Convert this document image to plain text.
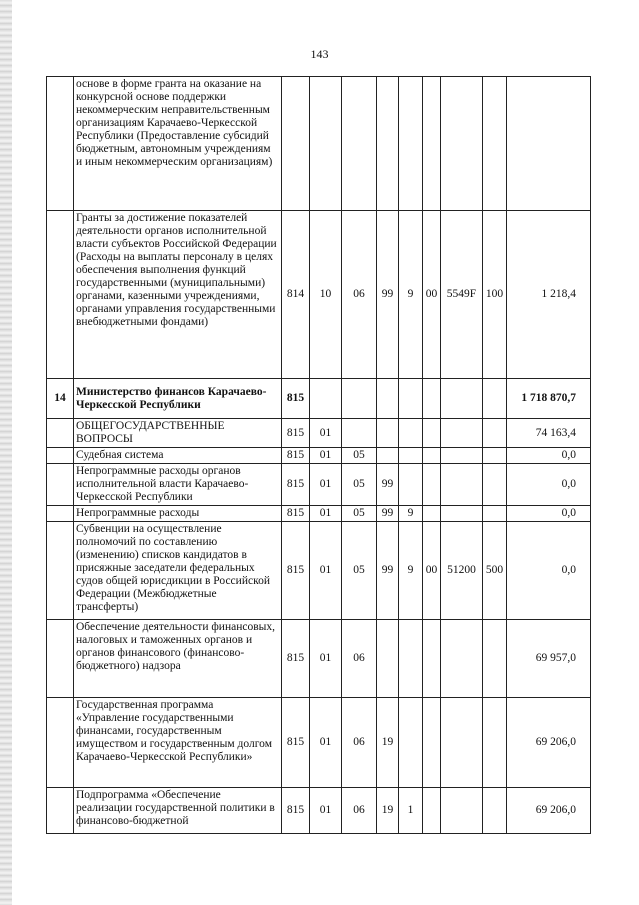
143
	основе в форме гранта на оказание на конкурсной основе поддержки некоммерческим неправительственным организациям Карачаево-Черкесской Республики (Предоставление субсидий бюджетным, автономным учреждениям и иным некоммерческим организациям)									
	Гранты за достижение показателей деятельности органов исполнительной власти субъектов Российской Федерации (Расходы на выплаты персоналу в целях обеспечения выполнения функций государственными (муниципальными) органами, казенными учреждениями, органами управления государственными внебюджетными фондами)	814	10	06	99	9	00	5549F	100	1 218,4
14	Министерство финансов Карачаево-Черкесской Республики	815								1 718 870,7
	ОБЩЕГОСУДАРСТВЕННЫЕ ВОПРОСЫ	815	01							74 163,4
	Судебная система	815	01	05						0,0
	Непрограммные расходы органов исполнительной власти Карачаево-Черкесской Республики	815	01	05	99					0,0
	Непрограммные расходы	815	01	05	99	9				0,0
	Субвенции на осуществление полномочий по составлению (изменению) списков кандидатов в присяжные заседатели федеральных судов общей юрисдикции в Российской Федерации (Межбюджетные трансферты)	815	01	05	99	9	00	51200	500	0,0
	Обеспечение деятельности финансовых, налоговых и таможенных органов и органов финансового (финансово-бюджетного) надзора	815	01	06						69 957,0
	Государственная программа «Управление государственными финансами, государственным имуществом и государственным долгом Карачаево-Черкесской Республики»	815	01	06	19					69 206,0
	Подпрограмма «Обеспечение реализации государственной политики в финансово-бюджетной	815	01	06	19	1				69 206,0
